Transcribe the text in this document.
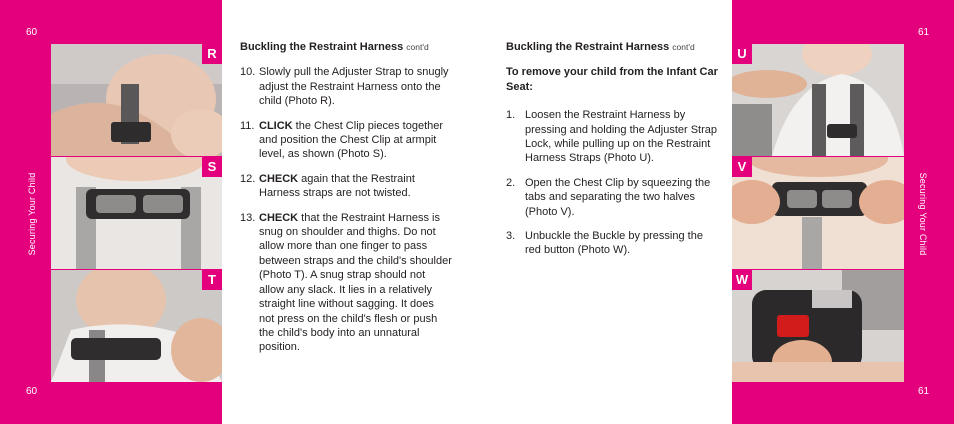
60
60
Securing Your Child
R
S
T
Buckling the Restraint Harness cont'd
10. Slowly pull the Adjuster Strap to snugly adjust the Restraint Harness onto the child (Photo R).
11. CLICK the Chest Clip pieces together and position the Chest Clip at armpit level, as shown (Photo S).
12. CHECK again that the Restraint Harness straps are not twisted.
13. CHECK that the Restraint Harness is snug on shoulder and thighs. Do not allow more than one finger to pass between straps and the child's shoulder (Photo T). A snug strap should not allow any slack. It lies in a relatively straight line without sagging. It does not press on the child's flesh or push the child's body into an unnatural position.
Buckling the Restraint Harness cont'd
To remove your child from the Infant Car Seat:
1. Loosen the Restraint Harness by pressing and holding the Adjuster Strap Lock, while pulling up on the Restraint Harness Straps (Photo U).
2. Open the Chest Clip by squeezing the tabs and separating the two halves (Photo V).
3. Unbuckle the Buckle by pressing the red button (Photo W).
61
61
Securing Your Child
U
V
W
